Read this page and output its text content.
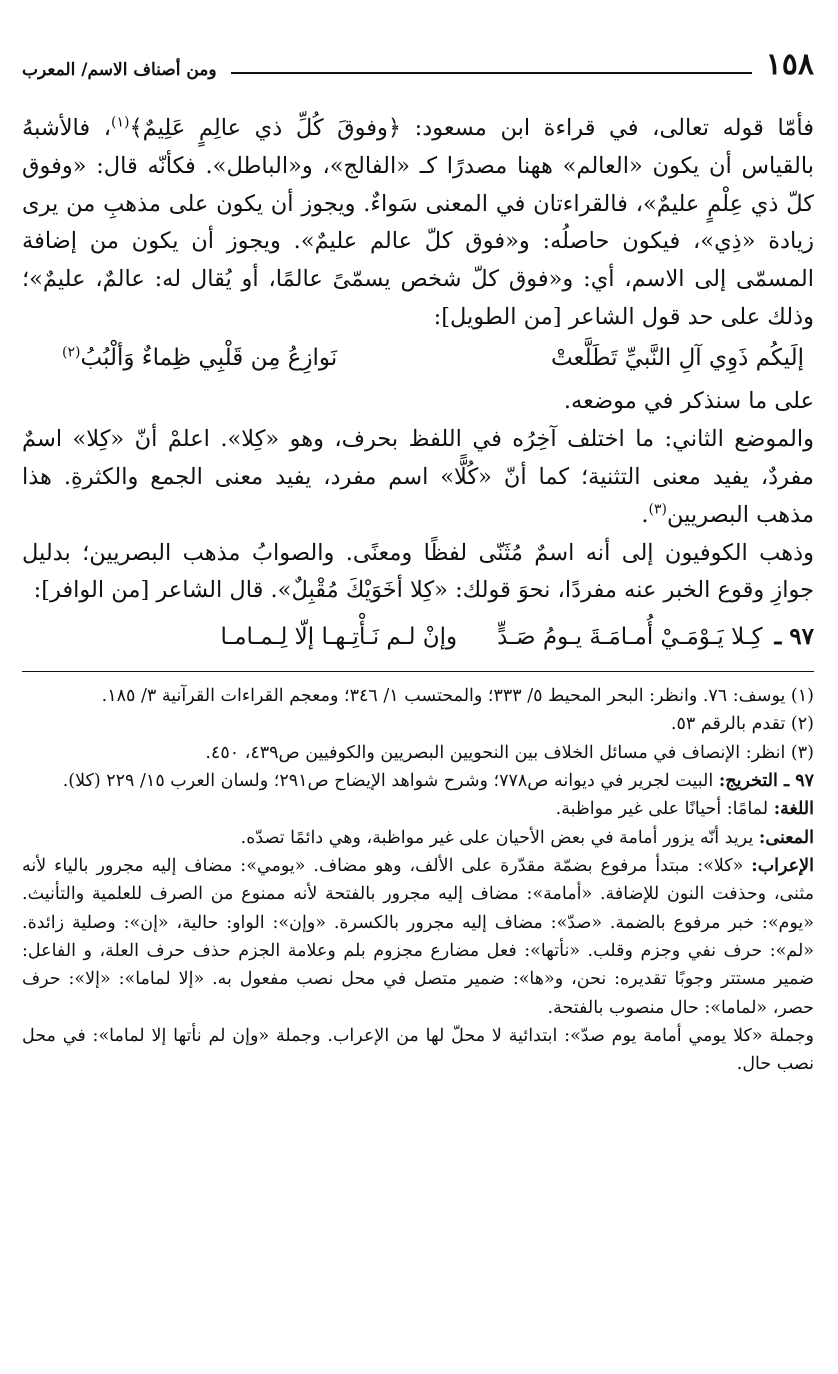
١٥٨
ومن أصناف الاسم/ المعرب

فأمّا قوله تعالى، في قراءة ابن مسعود: ﴿وفوقَ كُلِّ ذي عالِمٍ عَلِيمٌ﴾$^{(١)}$، فالأشبهُ بالقياس أن يكون «العالم» ههنا مصدرًا كـ «الفالج»، و«الباطل». فكأنّه قال: «وفوق كلّ ذي عِلْمٍ عليمٌ»، فالقراءتان في المعنى سَواءٌ. ويجوز أن يكون على مذهبِ من يرى زيادة «ذِي»، فيكون حاصلُه: و«فوق كلّ عالم عليمٌ». ويجوز أن يكون من إضافة المسمّى إلى الاسم، أي: و«فوق كلّ شخص يسمّىً عالمًا، أو يُقال له: عالمٌ، عليمٌ»؛ وذلك على حد قول الشاعر [من الطويل]:

إلَيكُم ذَوِي آلِ النَّبيِّ تَطَلَّعتْ
نَوازِعُ مِن قَلْبِي ظِماءٌ وَألْبُبُ$^{(٢)}$

على ما سنذكر في موضعه.

والموضع الثاني: ما اختلف آخِرُه في اللفظ بحرف، وهو «كِلا». اعلمْ أنّ «كِلا» اسمٌ مفردٌ، يفيد معنى التثنية؛ كما أنّ «كُلًّا» اسم مفرد، يفيد معنى الجمع والكثرةِ. هذا مذهب البصريين$^{(٣)}$.

وذهب الكوفيون إلى أنه اسمٌ مُثَنّى لفظًا ومعنًى. والصوابُ مذهب البصريين؛ بدليل جوازِ وقوع الخبر عنه مفردًا، نحوَ قولك: «كِلا أخَوَيْكَ مُقْبِلٌ». قال الشاعر [من الوافر]:

٩٧ ـ
كِـلا يَـوْمَـيْ أُمـامَـةَ يـومُ صَـدٍّ
وإنْ لـم نَـأْتِـهـا إلّا لِـمـامـا

(١) يوسف: ٧٦. وانظر: البحر المحيط ٥/ ٣٣٣؛ والمحتسب ١/ ٣٤٦؛ ومعجم القراءات القرآنية ٣/ ١٨٥.

(٢) تقدم بالرقم ٥٣.

(٣) انظر: الإنصاف في مسائل الخلاف بين النحويين البصريين والكوفيين ص٤٣٩، ٤٥٠.

٩٧ ـ التخريج: البيت لجرير في ديوانه ص٧٧٨؛ وشرح شواهد الإيضاح ص٢٩١؛ ولسان العرب ١٥/ ٢٢٩ (كلا).

اللغة: لمامًا: أحيانًا على غير مواظبة.

المعنى: يريد أنّه يزور أمامة في بعض الأحيان على غير مواظبة، وهي دائمًا تصدّه.

الإعراب: «كلا»: مبتدأ مرفوع بضمّة مقدّرة على الألف، وهو مضاف. «يومي»: مضاف إليه مجرور بالياء لأنه مثنى، وحذفت النون للإضافة. «أمامة»: مضاف إليه مجرور بالفتحة لأنه ممنوع من الصرف للعلمية والتأنيث. «يوم»: خبر مرفوع بالضمة. «صدّ»: مضاف إليه مجرور بالكسرة. «وإن»: الواو: حالية، «إن»: وصلية زائدة. «لم»: حرف نفي وجزم وقلب. «نأتها»: فعل مضارع مجزوم بلم وعلامة الجزم حذف حرف العلة، و الفاعل: ضمير مستتر وجوبًا تقديره: نحن، و«ها»: ضمير متصل في محل نصب مفعول به. «إلا لماما»: «إلا»: حرف حصر، «لماما»: حال منصوب بالفتحة.

وجملة «كلا يومي أمامة يوم صدّ»: ابتدائية لا محلّ لها من الإعراب. وجملة «وإن لم نأتها إلا لماما»: في محل نصب حال.
